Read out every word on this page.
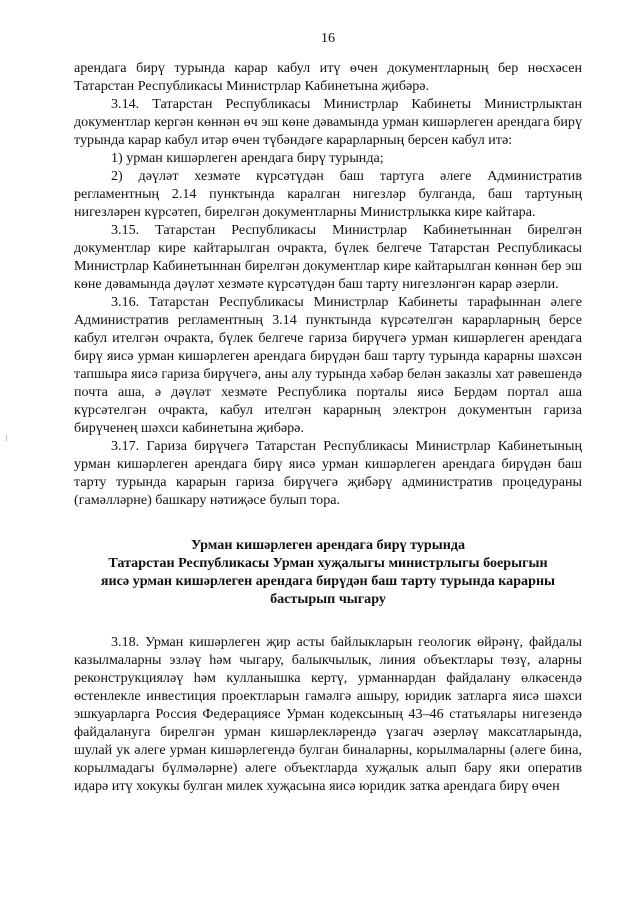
16

арендага бирү турында карар кабул итү өчен документларның бер нөсхәсен Татарстан Республикасы Министрлар Кабинетына җибәрә.

3.14. Татарстан Республикасы Министрлар Кабинеты Министрлыктан документлар кергән көннән өч эш көне дәвамында урман кишәрлеген арендага бирү турында карар кабул итәр өчен түбәндәге карарларның берсен кабул итә:

1) урман кишәрлеген арендага бирү турында;

2) дәүләт хезмәте күрсәтүдән баш тартуга әлеге Административ регламентның 2.14 пунктында каралган нигезләр булганда, баш тартуның нигезләрен күрсәтеп, бирелгән документларны Министрлыкка кире кайтара.

3.15. Татарстан Республикасы Министрлар Кабинетыннан бирелгән документлар кире кайтарылган очракта, бүлек белгече Татарстан Республикасы Министрлар Кабинетыннан бирелгән документлар кире кайтарылган көннән бер эш көне дәвамында дәүләт хезмәте күрсәтүдән баш тарту нигезләнгән карар әзерли.

3.16. Татарстан Республикасы Министрлар Кабинеты тарафыннан әлеге Административ регламентның 3.14 пунктында күрсәтелгән карарларның берсе кабул ителгән очракта, бүлек белгече гариза бирүчегә урман кишәрлеген арендага бирү яисә урман кишәрлеген арендага бирүдән баш тарту турында карарны шәхсән тапшыра яисә гариза бирүчегә, аны алу турында хәбәр белән заказлы хат рәвешендә почта аша, ә дәүләт хезмәте Республика порталы яисә Бердәм портал аша күрсәтелгән очракта, кабул ителгән карарның электрон документын гариза бирүченең шәхси кабинетына җибәрә.

3.17. Гариза бирүчегә Татарстан Республикасы Министрлар Кабинетының урман кишәрлеген арендага бирү яисә урман кишәрлеген арендага бирүдән баш тарту турында карарын гариза бирүчегә җибәрү административ процедураны (гамәлләрне) башкару нәтиҗәсе булып тора.

Урман кишәрлеген арендага бирү турында
Татарстан Республикасы Урман хуҗалыгы министрлыгы боерыгын
яисә урман кишәрлеген арендага бирүдән баш тарту турында карарны
бастырып чыгару

3.18. Урман кишәрлеген җир асты байлыкларын геологик өйрәнү, файдалы казылмаларны эзләү һәм чыгару, балыкчылык, линия объектлары төзү, аларны реконструкцияләү һәм кулланышка кертү, урманнардан файдалану өлкәсендә өстенлекле инвестиция проектларын гамәлгә ашыру, юридик затларга яисә шәхси эшкуарларга Россия Федерациясе Урман кодексының 43–46 статьялары нигезендә файдалануга бирелгән урман кишәрлекләрендә үзагач әзерләү максатларында, шулай ук әлеге урман кишәрлегендә булган биналарны, корылмаларны (әлеге бина, корылмадагы бүлмәләрне) әлеге объектларда хуҗалык алып бару яки оператив идарә итү хокукы булган милек хуҗасына яисә юридик затка арендага бирү өчен
